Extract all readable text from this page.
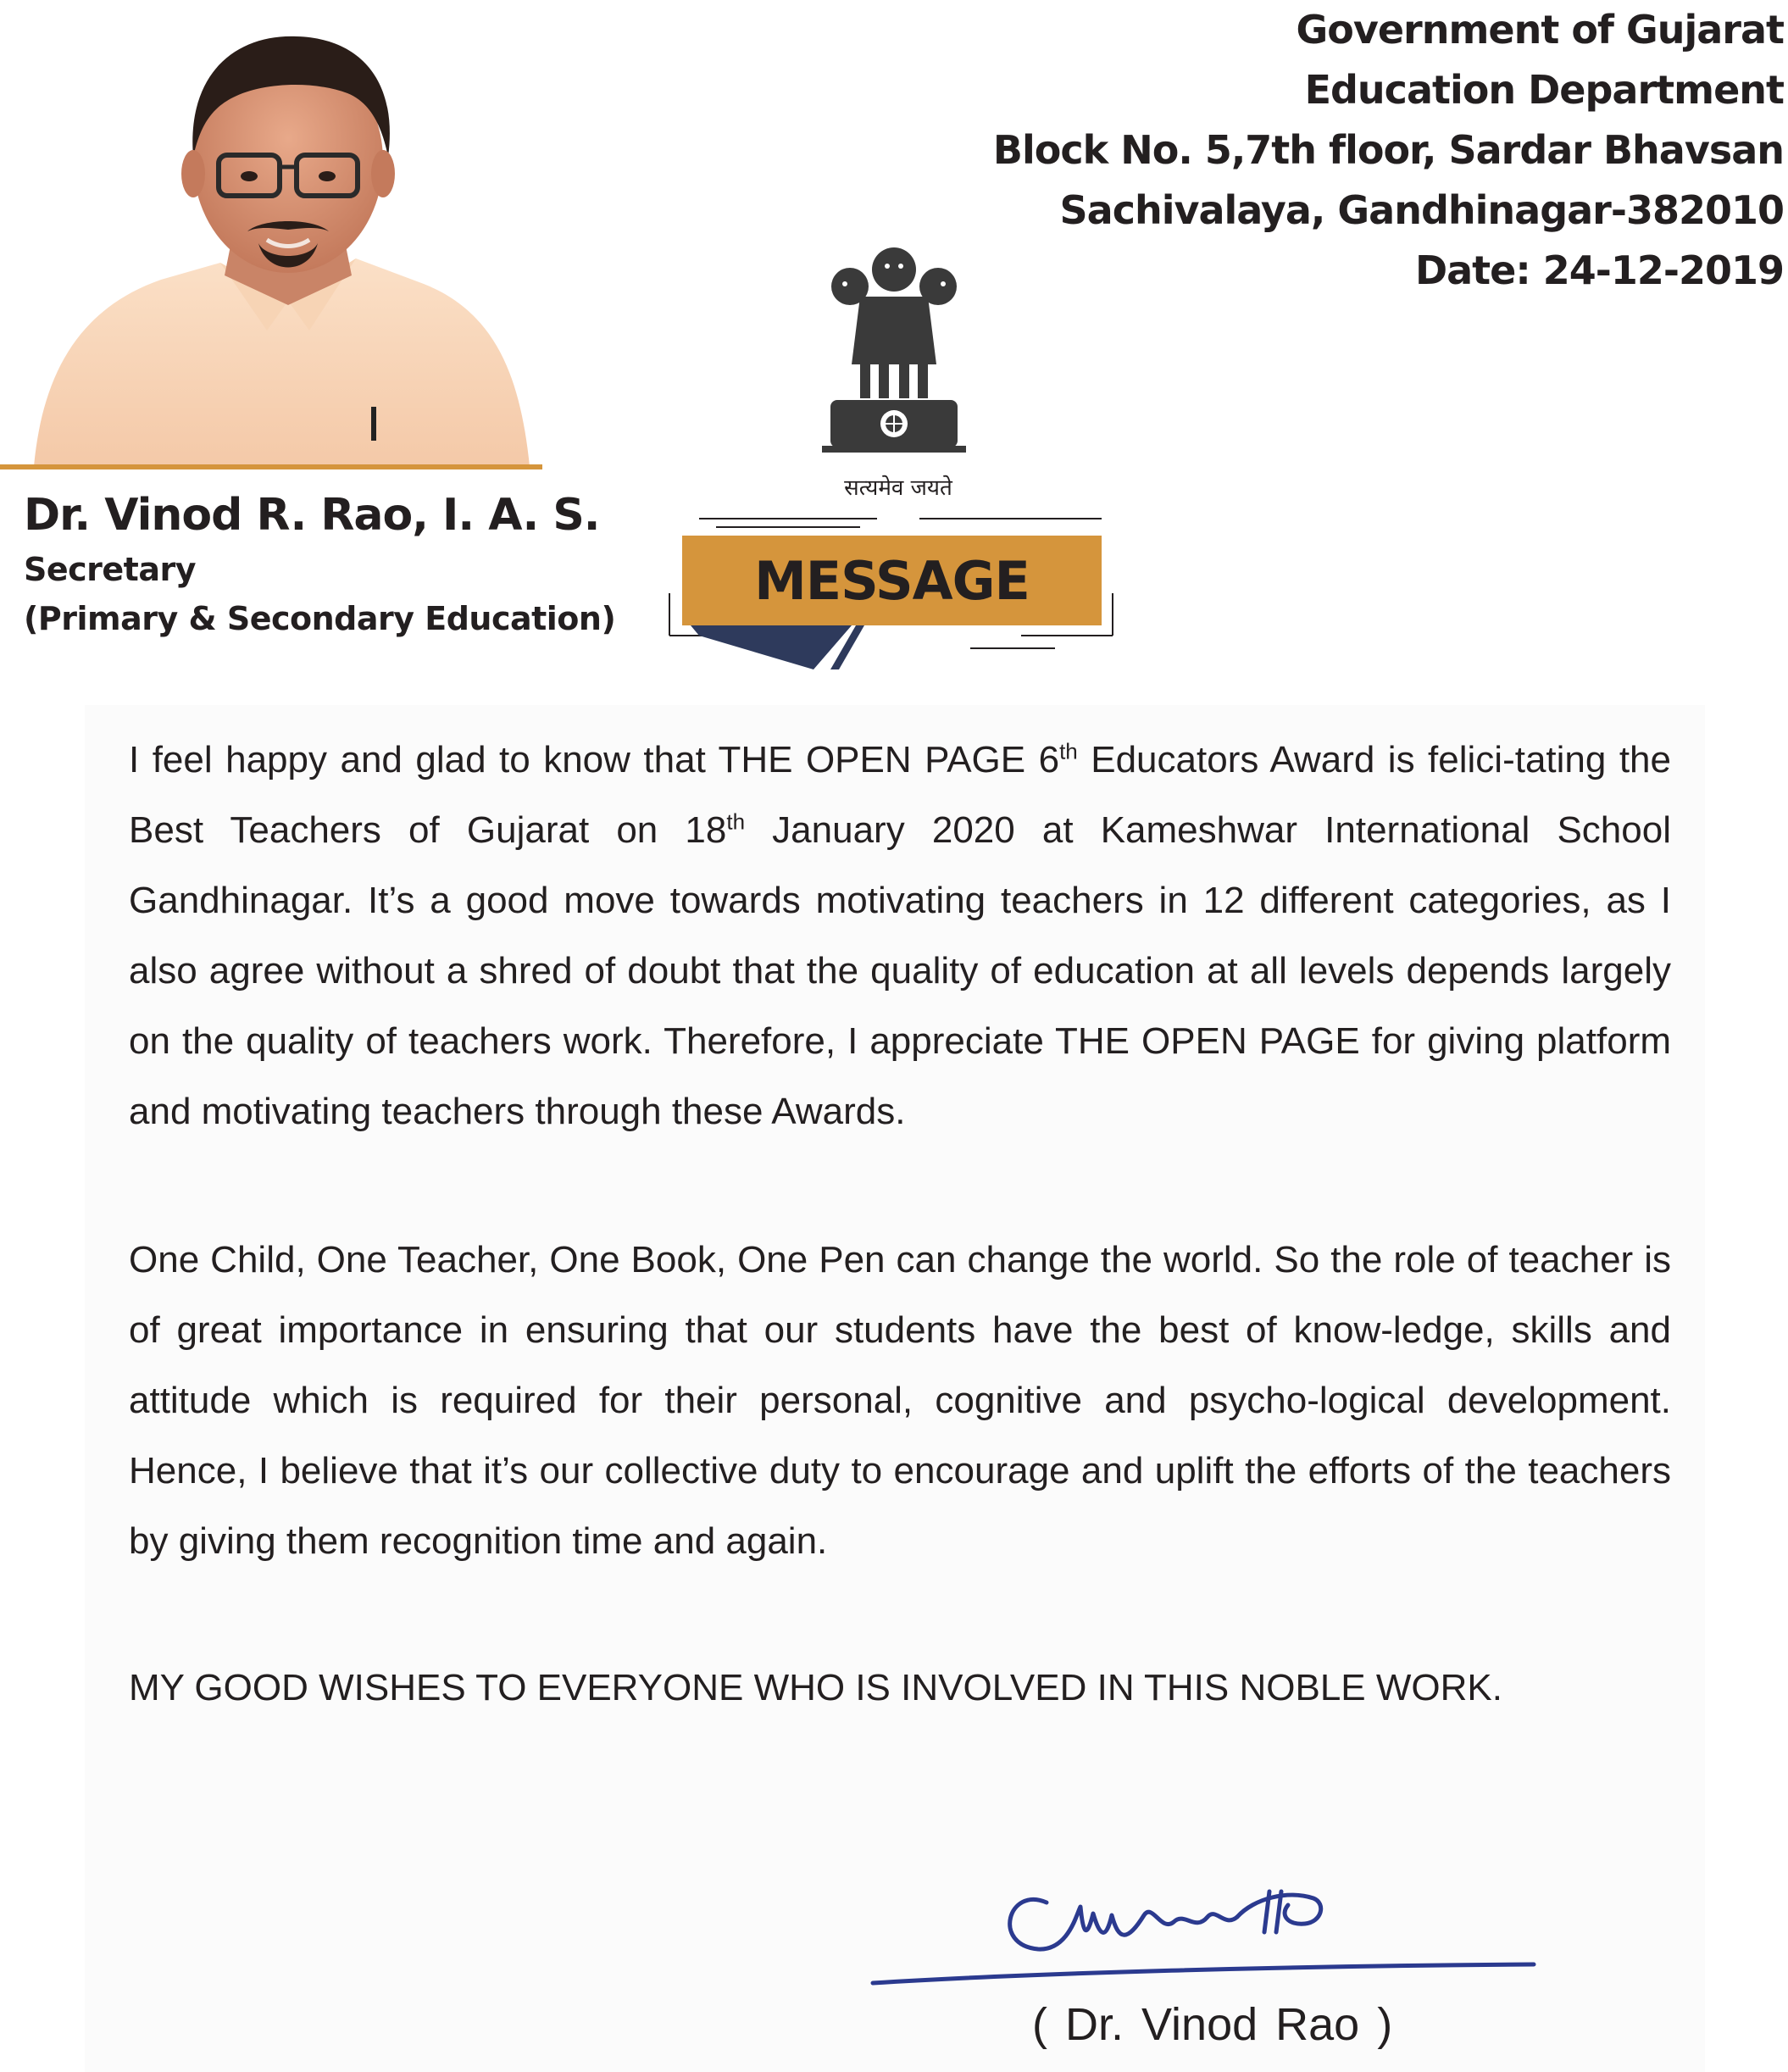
Dr. Vinod R. Rao, I. A. S.
Secretary
(Primary & Secondary Education)
Government of Gujarat
Education Department
Block No. 5,7th floor, Sardar Bhavsan
Sachivalaya, Gandhinagar-382010
Date: 24-12-2019
सत्यमेव जयते
MESSAGE
I feel happy and glad to know that THE OPEN PAGE 6th Educators Award is felici-tating the Best Teachers of Gujarat on 18th January 2020 at Kameshwar International School Gandhinagar. It’s a good move towards motivating teachers in 12 different categories, as I also agree without a shred of doubt that the quality of education at all levels depends largely on the quality of teachers work. Therefore, I appreciate THE OPEN PAGE for giving platform and motivating teachers through these Awards.
One Child, One Teacher, One Book, One Pen can change the world. So the role of teacher is of great importance in ensuring that our students have the best of know-ledge, skills and attitude which is required for their personal, cognitive and psycho-logical development. Hence, I believe that it’s our collective duty to encourage and uplift the efforts of the teachers by giving them recognition time and again.
MY GOOD WISHES TO EVERYONE WHO IS INVOLVED IN THIS NOBLE WORK.
( Dr. Vinod Rao )
